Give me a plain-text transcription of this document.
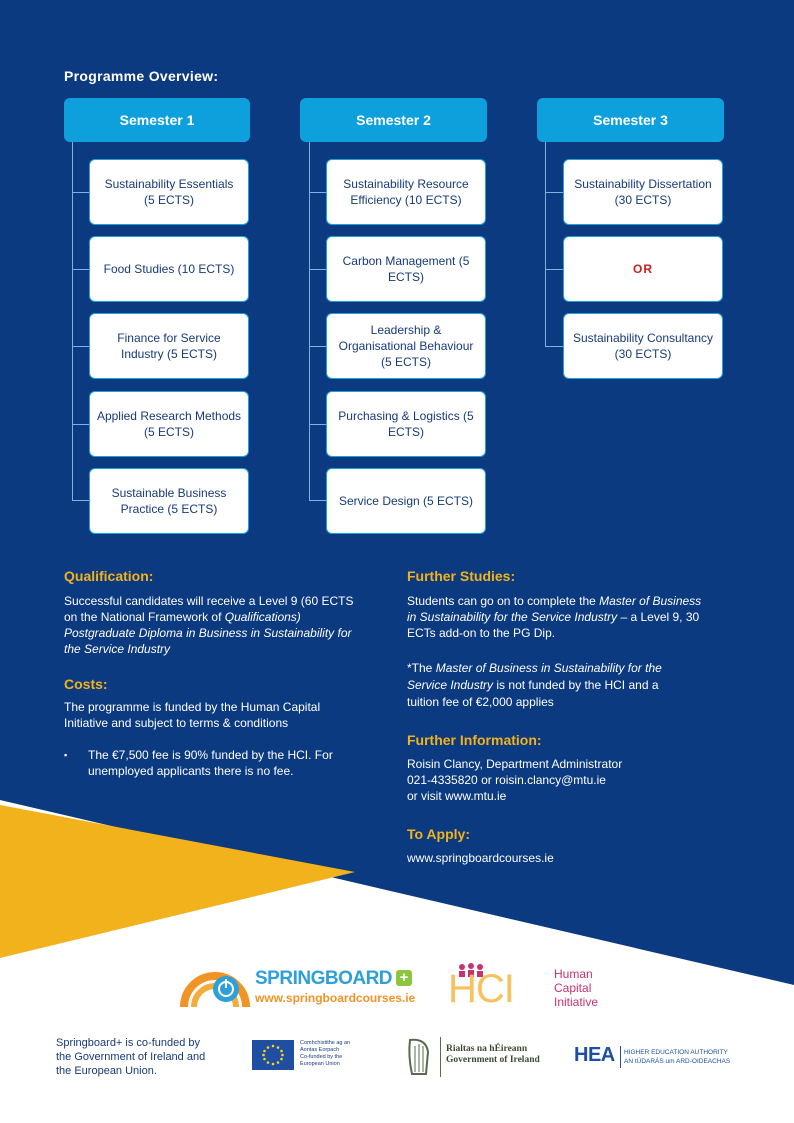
Programme Overview:
Semester 1
Sustainability Essentials
(5 ECTS)
Food Studies (10 ECTS)
Finance for Service Industry (5 ECTS)
Applied Research Methods (5 ECTS)
Sustainable Business Practice (5 ECTS)
Semester 2
Sustainability Resource Efficiency (10 ECTS)
Carbon Management (5 ECTS)
Leadership & Organisational Behaviour (5 ECTS)
Purchasing & Logistics (5 ECTS)
Service Design (5 ECTS)
Semester 3
Sustainability Dissertation (30 ECTS)
OR
Sustainability Consultancy (30 ECTS)
Qualification:
Successful candidates will receive a Level 9 (60 ECTS on the National Framework of Qualifications) Postgraduate Diploma in Business in Sustainability for the Service Industry
Costs:
The programme is funded by the Human Capital Initiative and subject to terms & conditions
▪ The €7,500 fee is 90% funded by the HCI. For unemployed applicants there is no fee.
Further Studies:
Students can go on to complete the Master of Business in Sustainability for the Service Industry – a Level 9, 30 ECTs add-on to the PG Dip.
*The Master of Business in Sustainability for the Service Industry is not funded by the HCI and a tuition fee of €2,000 applies
Further Information:
Roisin Clancy, Department Administrator
021-4335820 or roisin.clancy@mtu.ie
or visit www.mtu.ie
To Apply:
www.springboardcourses.ie
SPRINGBOARD +
www.springboardcourses.ie HCI	Human
Capital
Initiative
Springboard+ is co-funded by the Government of Ireland and the European Union.
Comhchistithe ag an
Aontas Eorpach
Co-funded by the
European Union
Rialtas na hÉireann
Government of Ireland HEA HIGHER EDUCATION AUTHORITY
AN tÚDARÁS um ARD-OIDEACHAS
